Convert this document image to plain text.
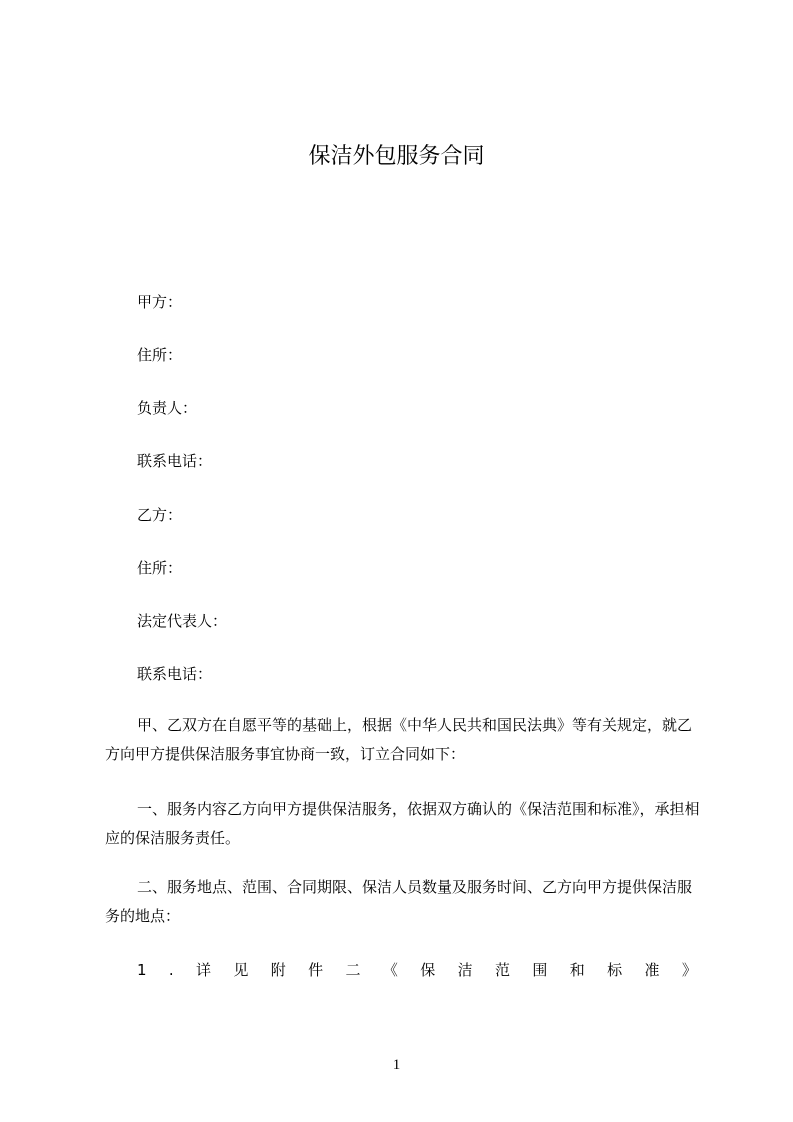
保洁外包服务合同
甲方：
住所：
负责人：
联系电话：
乙方：
住所：
法定代表人：
联系电话：
甲、乙双方在自愿平等的基础上，根据《中华人民共和国民法典》等有关规定，就乙方向甲方提供保洁服务事宜协商一致，订立合同如下：
一、服务内容乙方向甲方提供保洁服务，依据双方确认的《保洁范围和标准》，承担相应的保洁服务责任。
二、服务地点、范围、合同期限、保洁人员数量及服务时间、乙方向甲方提供保洁服务的地点：
1 . 详 见 附 件 二 《 保 洁 范 围 和 标 准 》
1
